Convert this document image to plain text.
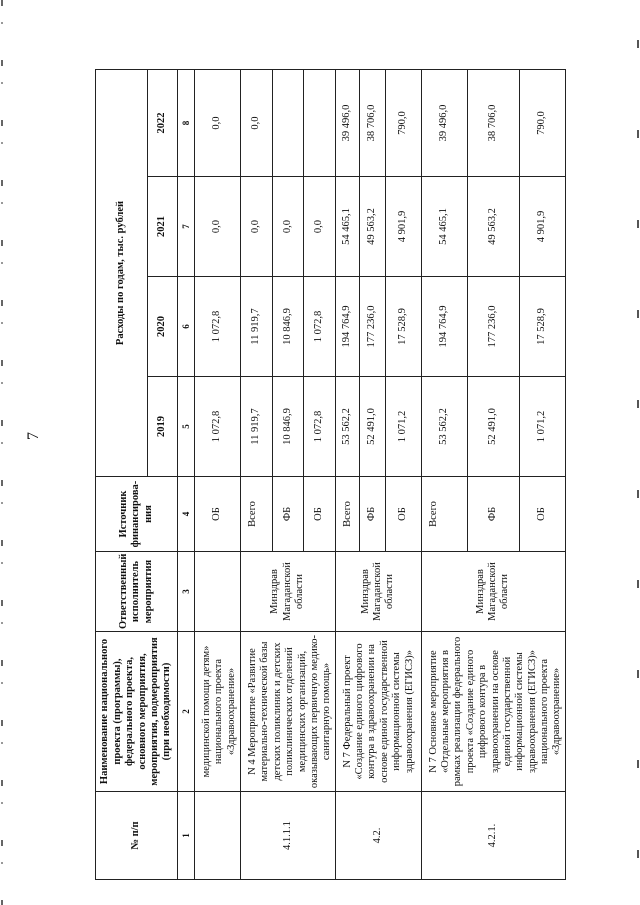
7
№ п/п	Наименование национального проекта (программы), федерального проекта, основного мероприятия, мероприятия, подмероприятия (при необходимости)	Ответственный исполнитель мероприятия	Источник финансирова-ния	Расходы по годам, тыс. рублей			
				2019	2020	2021	2022
1	2	3	4	5	6	7	8
	медицинской помощи детям» национального проекта «Здравоохранение»		ОБ	1 072,8	1 072,8	0,0	0,0
4.1.1.1	N 4 Мероприятие «Развитие материально-технической базы детских поликлиник и детских поликлинических отделений медицинских организаций, оказывающих первичную медико-санитарную помощь»	Минздрав Магаданской области	Всего	11 919,7	11 919,7	0,0	0,0
			ФБ	10 846,9	10 846,9	0,0	
			ОБ	1 072,8	1 072,8	0,0	
4.2.	N 7 Федеральный проект «Создание единого цифрового контура в здравоохранении на основе единой государственной информационной системы здравоохранения (ЕГИСЗ)»	Минздрав Магаданской области	Всего	53 562,2	194 764,9	54 465,1	39 496,0
			ФБ	52 491,0	177 236,0	49 563,2	38 706,0
			ОБ	1 071,2	17 528,9	4 901,9	790,0
4.2.1.	N 7 Основное мероприятие «Отдельные мероприятия в рамках реализации федерального проекта «Создание единого цифрового контура в здравоохранении на основе единой государственной информационной системы здравоохранения (ЕГИСЗ)» национального проекта «Здравоохранение»	Минздрав Магаданской области	Всего	53 562,2	194 764,9	54 465,1	39 496,0
			ФБ	52 491,0	177 236,0	49 563,2	38 706,0
			ОБ	1 071,2	17 528,9	4 901,9	790,0
